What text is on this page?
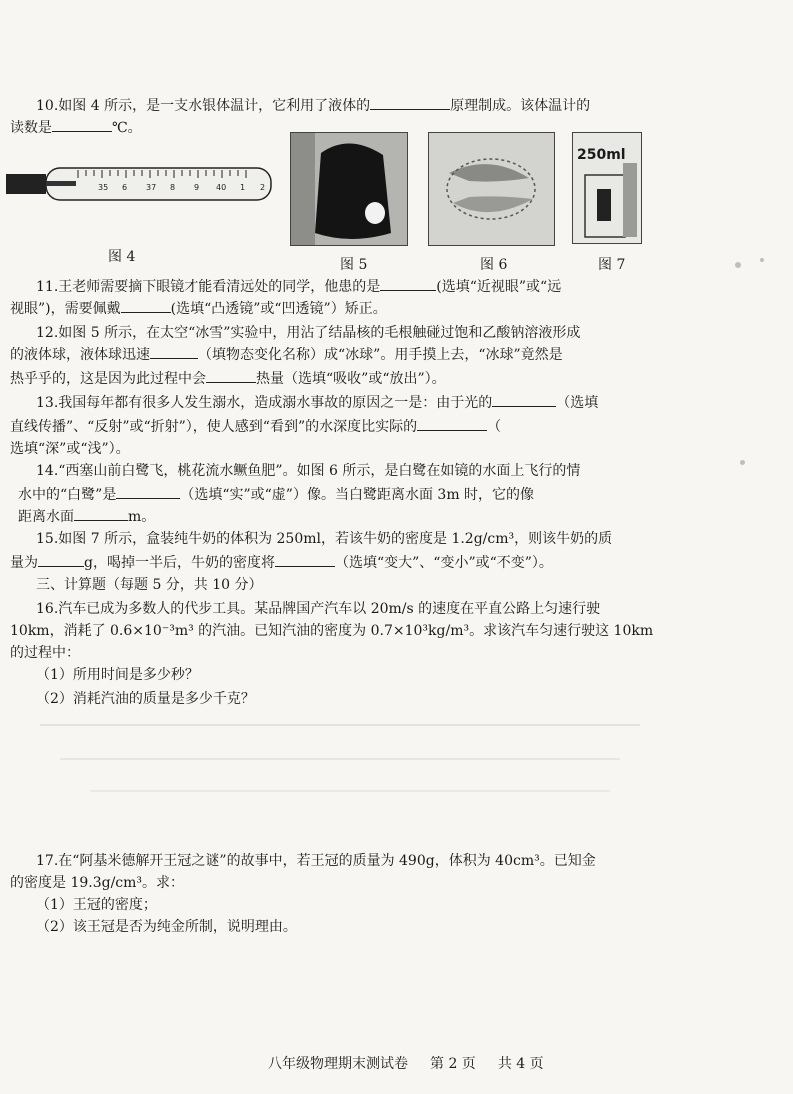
10.如图 4 所示，是一支水银体温计，它利用了液体的	原理制成。该体温计的
读数是	℃。
35 6 37 8 9 40 1 2
图 4	图 5	图 6
250ml
图 7
11.王老师需要摘下眼镜才能看清远处的同学，他患的是	(选填“近视眼”或“远
视眼”)，需要佩戴	(选填“凸透镜”或“凹透镜”）矫正。
12.如图 5 所示，在太空“冰雪”实验中，用沾了结晶核的毛根触碰过饱和乙酸钠溶液形成
的液体球，液体球迅速	（填物态变化名称）成“冰球”。用手摸上去，“冰球”竟然是
热乎乎的，这是因为此过程中会	热量（选填“吸收”或“放出”）。
13.我国每年都有很多人发生溺水，造成溺水事故的原因之一是：由于光的	（选填
直线传播”、“反射”或“折射”），使人感到“看到”的水深度比实际的	（
选填“深”或“浅”）。
14.“西塞山前白鹭飞，桃花流水鳜鱼肥”。如图 6 所示，是白鹭在如镜的水面上飞行的情
水中的“白鹭”是	（选填“实”或“虚”）像。当白鹭距离水面 3m 时，它的像
距离水面	m。
15.如图 7 所示，盒装纯牛奶的体积为 250ml，若该牛奶的密度是 1.2g/cm³，则该牛奶的质
量为	g，喝掉一半后，牛奶的密度将	（选填“变大”、“变小”或“不变”）。
三、计算题（每题 5 分，共 10 分）
16.汽车已成为多数人的代步工具。某品牌国产汽车以 20m/s 的速度在平直公路上匀速行驶
10km，消耗了 0.6×10⁻³m³ 的汽油。已知汽油的密度为 0.7×10³kg/m³。求该汽车匀速行驶这 10km
的过程中：
（1）所用时间是多少秒？
（2）消耗汽油的质量是多少千克？
17.在“阿基米德解开王冠之谜”的故事中，若王冠的质量为 490g，体积为 40cm³。已知金
的密度是 19.3g/cm³。求：
（1）王冠的密度；
（2）该王冠是否为纯金所制，说明理由。
八年级物理期末测试卷 第 2 页 共 4 页
